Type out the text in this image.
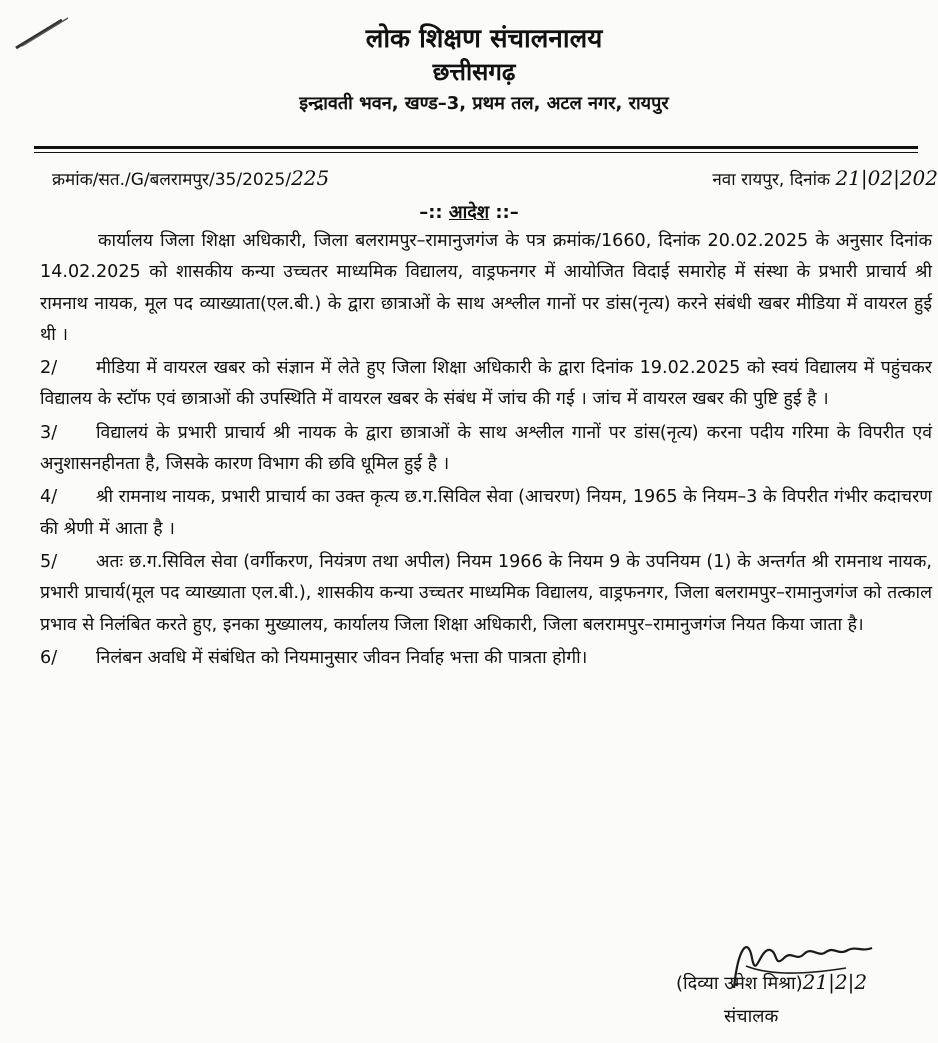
लोक शिक्षण संचालनालय
छत्तीसगढ़
इन्द्रावती भवन, खण्ड–3, प्रथम तल, अटल नगर, रायपुर
क्रमांक/सत./G/बलरामपुर/35/2025/225	नवा रायपुर, दिनांक 21|02|202
–:: आदेश ::–

कार्यालय जिला शिक्षा अधिकारी, जिला बलरामपुर–रामानुजगंज के पत्र क्रमांक/1660, दिनांक 20.02.2025 के अनुसार दिनांक 14.02.2025 को शासकीय कन्या उच्चतर माध्यमिक विद्यालय, वाड्रफनगर में आयोजित विदाई समारोह में संस्था के प्रभारी प्राचार्य श्री रामनाथ नायक, मूल पद व्याख्याता(एल.बी.) के द्वारा छात्राओं के साथ अश्लील गानों पर डांस(नृत्य) करने संबंधी खबर मीडिया में वायरल हुई थी ।

2/ मीडिया में वायरल खबर को संज्ञान में लेते हुए जिला शिक्षा अधिकारी के द्वारा दिनांक 19.02.2025 को स्वयं विद्यालय में पहुंचकर विद्यालय के स्टॉफ एवं छात्राओं की उपस्थिति में वायरल खबर के संबंध में जांच की गई । जांच में वायरल खबर की पुष्टि हुई है ।

3/ विद्यालयं के प्रभारी प्राचार्य श्री नायक के द्वारा छात्राओं के साथ अश्लील गानों पर डांस(नृत्य) करना पदीय गरिमा के विपरीत एवं अनुशासनहीनता है, जिसके कारण विभाग की छवि धूमिल हुई है ।

4/ श्री रामनाथ नायक, प्रभारी प्राचार्य का उक्त कृत्य छ.ग.सिविल सेवा (आचरण) नियम, 1965 के नियम–3 के विपरीत गंभीर कदाचरण की श्रेणी में आता है ।

5/ अतः छ.ग.सिविल सेवा (वर्गीकरण, नियंत्रण तथा अपील) नियम 1966 के नियम 9 के उपनियम (1) के अन्तर्गत श्री रामनाथ नायक, प्रभारी प्राचार्य(मूल पद व्याख्याता एल.बी.), शासकीय कन्या उच्चतर माध्यमिक विद्यालय, वाड्रफनगर, जिला बलरामपुर–रामानुजगंज को तत्काल प्रभाव से निलंबित करते हुए, इनका मुख्यालय, कार्यालय जिला शिक्षा अधिकारी, जिला बलरामपुर–रामानुजगंज नियत किया जाता है।

6/ निलंबन अवधि में संबंधित को नियमानुसार जीवन निर्वाह भत्ता की पात्रता होगी।

(दिव्या उमेश मिश्रा)21|2|2
संचालक
